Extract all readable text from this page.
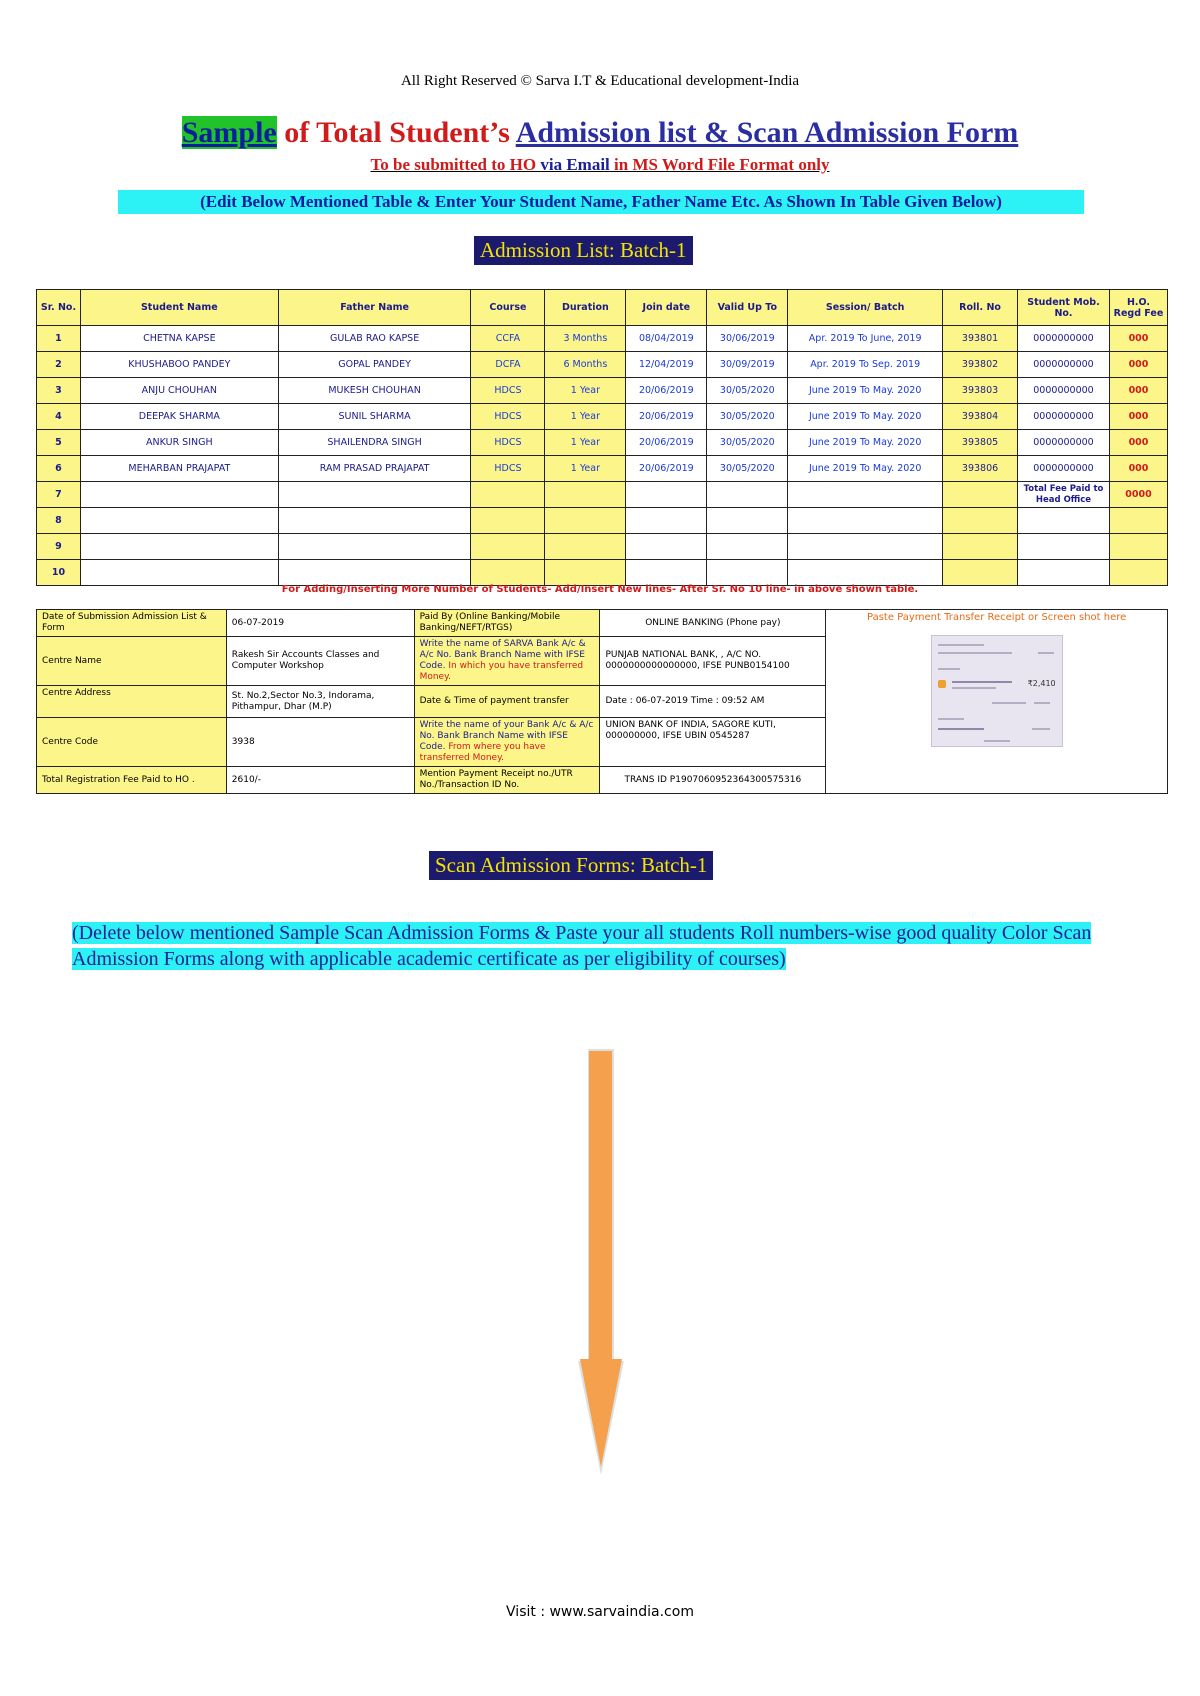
All Right Reserved © Sarva I.T & Educational development-India
Sample of Total Student’s Admission list & Scan Admission Form
To be submitted to HO via Email in MS Word File Format only
(Edit Below Mentioned Table & Enter Your Student Name, Father Name Etc. As Shown In Table Given Below)
Admission List: Batch-1
Sr. No.	Student Name	Father Name	Course	Duration	Join date	Valid Up To	Session/ Batch	Roll. No	Student Mob. No.	H.O. Regd Fee
1	CHETNA KAPSE	GULAB RAO KAPSE	CCFA	3 Months	08/04/2019	30/06/2019	Apr. 2019 To June, 2019	393801	0000000000	000
2	KHUSHABOO PANDEY	GOPAL PANDEY	DCFA	6 Months	12/04/2019	30/09/2019	Apr. 2019 To Sep. 2019	393802	0000000000	000
3	ANJU CHOUHAN	MUKESH CHOUHAN	HDCS	1 Year	20/06/2019	30/05/2020	June 2019 To May. 2020	393803	0000000000	000
4	DEEPAK SHARMA	SUNIL SHARMA	HDCS	1 Year	20/06/2019	30/05/2020	June 2019 To May. 2020	393804	0000000000	000
5	ANKUR SINGH	SHAILENDRA SINGH	HDCS	1 Year	20/06/2019	30/05/2020	June 2019 To May. 2020	393805	0000000000	000
6	MEHARBAN PRAJAPAT	RAM PRASAD PRAJAPAT	HDCS	1 Year	20/06/2019	30/05/2020	June 2019 To May. 2020	393806	0000000000	000
7									Total Fee Paid to Head Office	0000
8										
9										
10										
For Adding/Inserting More Number of Students- Add/Insert New lines- After Sr. No 10 line- in above shown table.
Date of Submission Admission List & Form	06-07-2019	Paid By (Online Banking/Mobile Banking/NEFT/RTGS)	ONLINE BANKING (Phone pay)	Paste Payment Transfer Receipt or Screen shot here
₹2,410

Centre Name	Rakesh Sir Accounts Classes and Computer Workshop	Write the name of SARVA Bank A/c & A/c No. Bank Branch Name with IFSE Code. In which you have transferred Money.	PUNJAB NATIONAL BANK, , A/C NO. 0000000000000000, IFSE PUNB0154100	
Centre Address	St. No.2,Sector No.3, Indorama, Pithampur, Dhar (M.P)	Date & Time of payment transfer	Date : 06-07-2019 Time : 09:52 AM	
Centre Code	3938	Write the name of your Bank A/c & A/c No. Bank Branch Name with IFSE Code. From where you have transferred Money.	UNION BANK OF INDIA, SAGORE KUTI, 000000000, IFSE UBIN 0545287	
Total Registration Fee Paid to HO .	2610/-	Mention Payment Receipt no./UTR No./Transaction ID No.	TRANS ID P1907060952364300575316	
Scan Admission Forms: Batch-1
(Delete below mentioned Sample Scan Admission Forms & Paste your all students Roll numbers-wise good quality Color Scan Admission Forms along with applicable academic certificate as per eligibility of courses)
Visit : www.sarvaindia.com
